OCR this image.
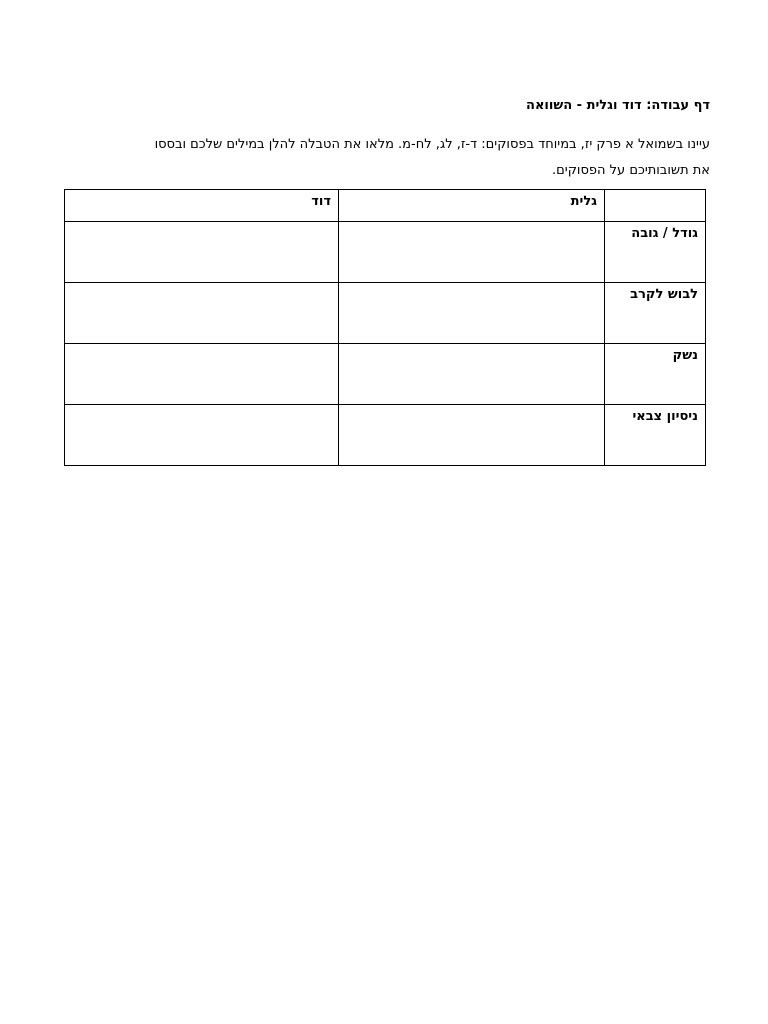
דף עבודה: דוד וגלית - השוואה

עיינו בשמואל א פרק יז, במיוחד בפסוקים: ד-ז, לג, לח-מ. מלאו את הטבלה להלן במילים שלכם ובססו

את תשובותיכם על הפסוקים.

	גלית	דוד
גודל / גובה		
לבוש לקרב		
נשק		
ניסיון צבאי		
